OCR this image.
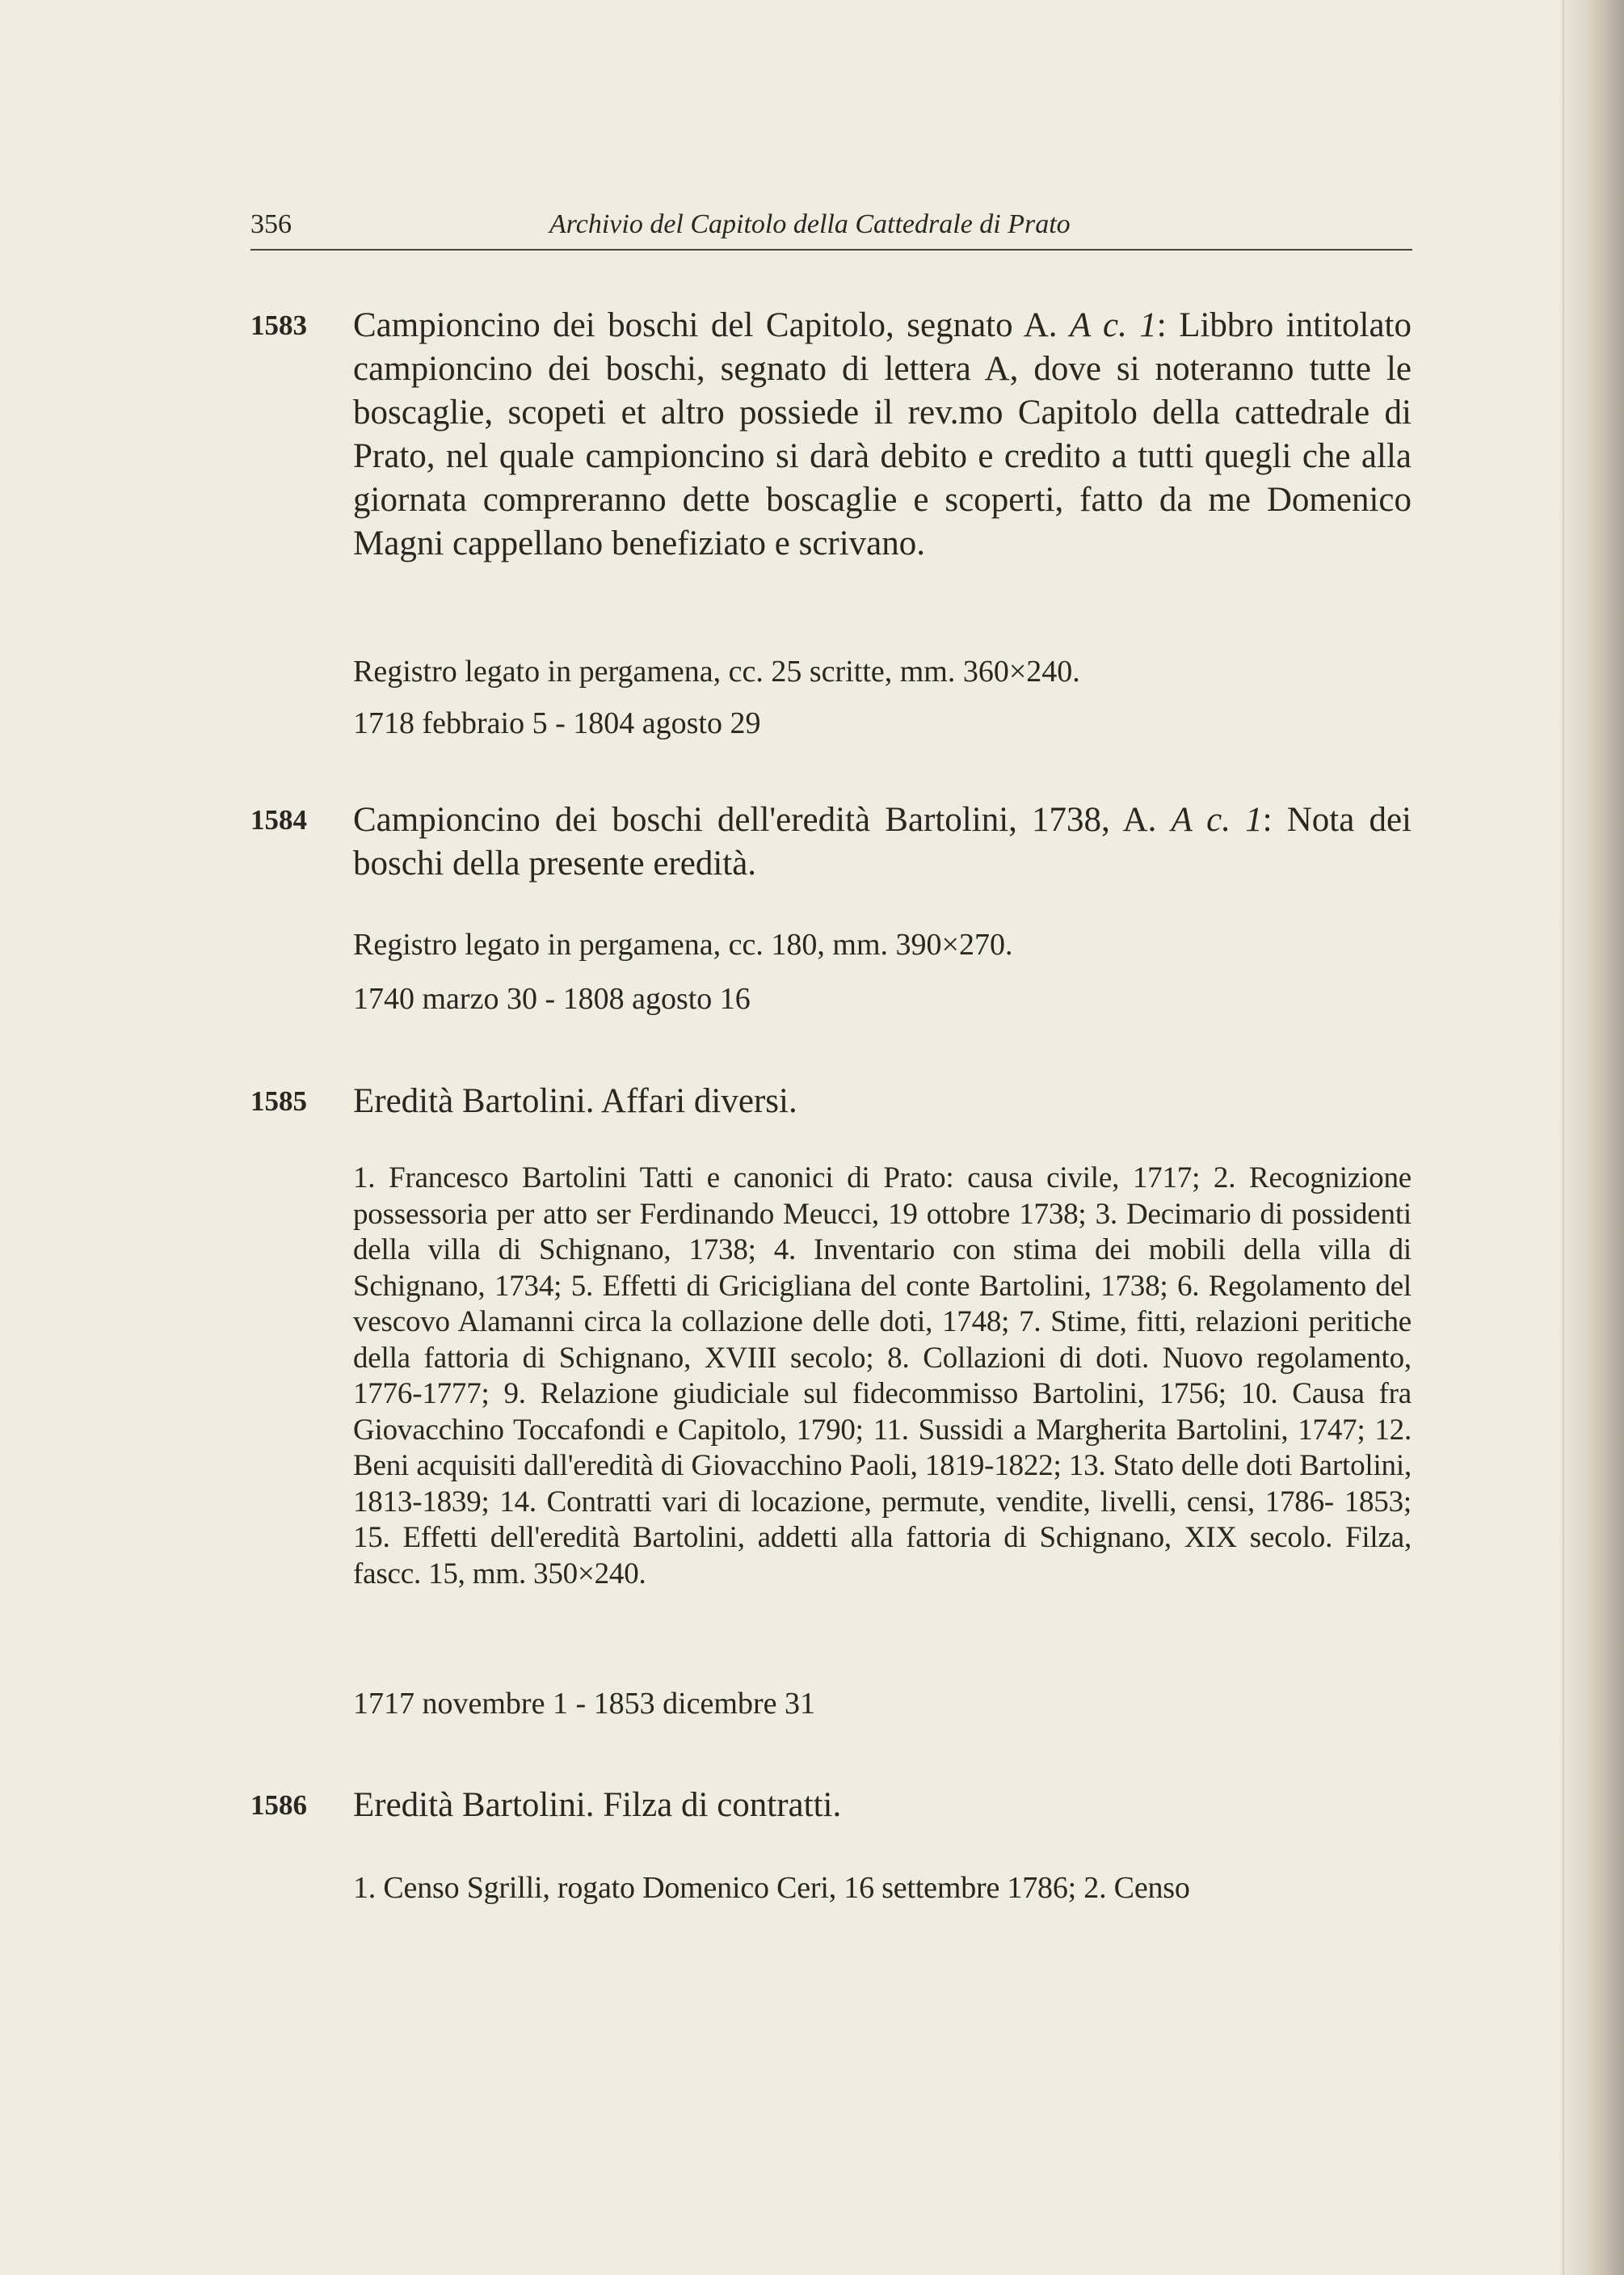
356	Archivio del Capitolo della Cattedrale di Prato
1583 Campioncino dei boschi del Capitolo, segnato A. A c. 1: Libbro intitolato campioncino dei boschi, segnato di lettera A, dove si noteranno tutte le boscaglie, scopeti et altro possiede il rev.mo Capitolo della cattedrale di Prato, nel quale campioncino si darà debito e credito a tutti quegli che alla giornata compreranno dette boscaglie e scoperti, fatto da me Domenico Magni cappellano benefiziato e scrivano.
Registro legato in pergamena, cc. 25 scritte, mm. 360×240.
1718 febbraio 5 - 1804 agosto 29
1584 Campioncino dei boschi dell'eredità Bartolini, 1738, A. A c. 1: Nota dei boschi della presente eredità.
Registro legato in pergamena, cc. 180, mm. 390×270.
1740 marzo 30 - 1808 agosto 16
1585 Eredità Bartolini. Affari diversi.
1. Francesco Bartolini Tatti e canonici di Prato: causa civile, 1717; 2. Recognizione possessoria per atto ser Ferdinando Meucci, 19 ottobre 1738; 3. Decimario di possidenti della villa di Schignano, 1738; 4. Inventario con stima dei mobili della villa di Schignano, 1734; 5. Effetti di Gricigliana del conte Bartolini, 1738; 6. Regolamento del vescovo Alamanni circa la collazione delle doti, 1748; 7. Stime, fitti, relazioni peritiche della fattoria di Schignano, XVIII secolo; 8. Collazioni di doti. Nuovo regolamento, 1776-1777; 9. Relazione giudiciale sul fidecommisso Bartolini, 1756; 10. Causa fra Giovacchino Toccafondi e Capitolo, 1790; 11. Sussidi a Margherita Bartolini, 1747; 12. Beni acquisiti dall'eredità di Giovacchino Paoli, 1819-1822; 13. Stato delle doti Bartolini, 1813-1839; 14. Contratti vari di locazione, permute, vendite, livelli, censi, 1786- 1853; 15. Effetti dell'eredità Bartolini, addetti alla fattoria di Schignano, XIX secolo. Filza, fascc. 15, mm. 350×240.
1717 novembre 1 - 1853 dicembre 31
1586 Eredità Bartolini. Filza di contratti.
1. Censo Sgrilli, rogato Domenico Ceri, 16 settembre 1786; 2. Censo
